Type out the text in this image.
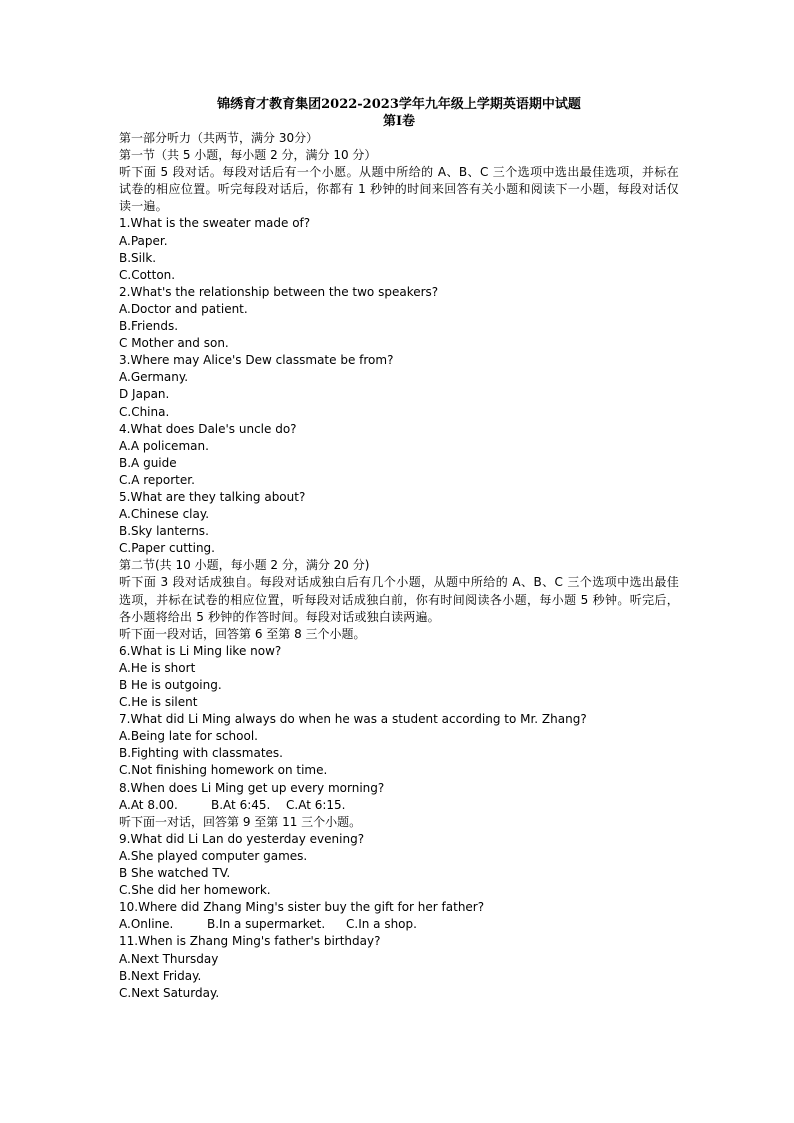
锦绣育才教育集团2022-2023学年九年级上学期英语期中试题
第I卷
第一部分听力（共两节，满分 30分）
第一节（共 5 小题，每小题 2 分，满分 10 分）
听下面 5 段对话。每段对话后有一个小愿。从题中所给的 A、B、C 三个选项中选出最佳选项，并标在试卷的相应位置。听完每段对话后，你都有 1 秒钟的时间来回答有关小题和阅读下一小题，每段对话仅读一遍。
1.What is the sweater made of?
A.Paper.
B.Silk.
C.Cotton.
2.What's the relationship between the two speakers?
A.Doctor and patient.
B.Friends.
C Mother and son.
3.Where may Alice's Dew classmate be from?
A.Germany.
D Japan.
C.China.
4.What does Dale's uncle do?
A.A policeman.
B.A guide
C.A reporter.
5.What are they talking about?
A.Chinese clay.
B.Sky lanterns.
C.Paper cutting.
第二节(共 10 小题，每小题 2 分，满分 20 分)
听下面 3 段对话成独自。每段对话成独白后有几个小题，从题中所给的 A、B、C 三个选项中选出最佳选项，并标在试卷的相应位置，听每段对话成独白前，你有时间阅读各小题，每小题 5 秒钟。听完后，各小题将给出 5 秒钟的作答时间。每段对话或独白读两遍。
听下面一段对话，回答第 6 至第 8 三个小题。
6.What is Li Ming like now?
A.He is short
B He is outgoing.
C.He is silent
7.What did Li Ming always do when he was a student according to Mr. Zhang?
A.Being late for school.
B.Fighting with classmates.
C.Not finishing homework on time.
8.When does Li Ming get up every morning?
A.At 8.00.	B.At 6:45.	C.At 6:15.
听下面一对话，回答第 9 至第 11 三个小题。
9.What did Li Lan do yesterday evening?
A.She played computer games.
B She watched TV.
C.She did her homework.
10.Where did Zhang Ming's sister buy the gift for her father?
A.Online.	B.In a supermarket.	C.In a shop.
11.When is Zhang Ming's father's birthday?
A.Next Thursday
B.Next Friday.
C.Next Saturday.
